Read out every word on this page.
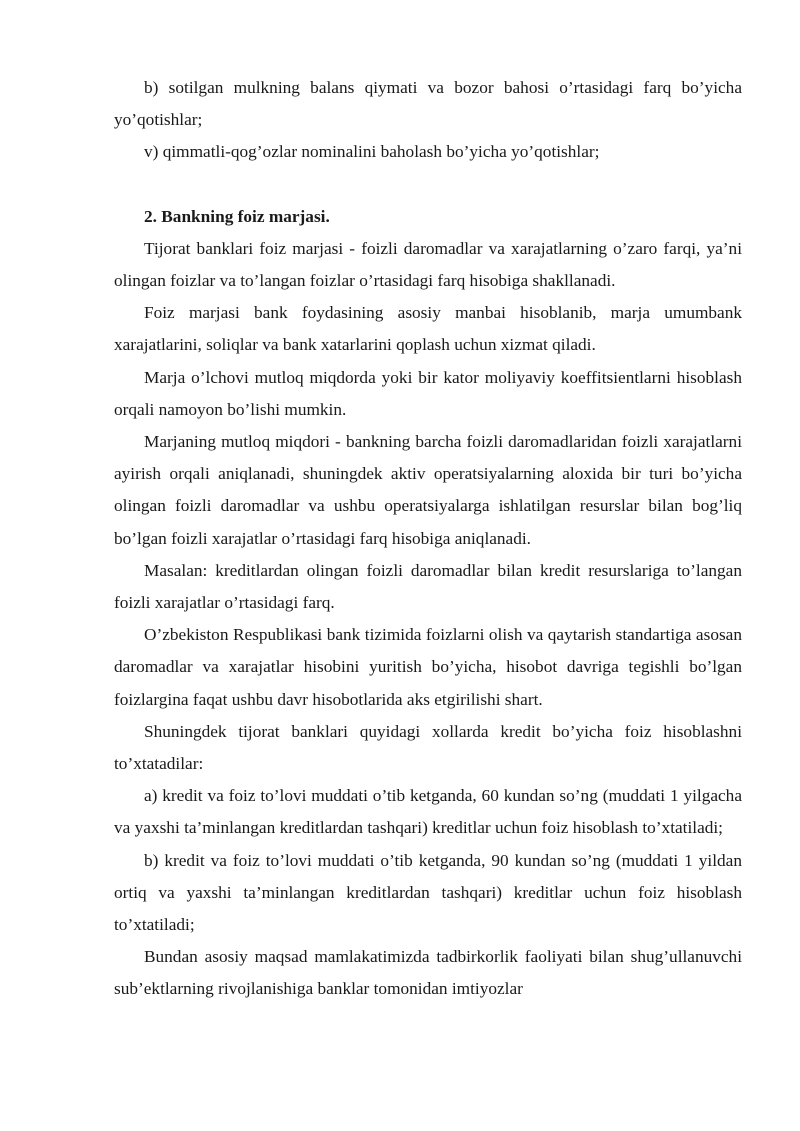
b) sotilgan mulkning balans qiymati va bozor bahosi o’rtasidagi farq bo’yicha yo’qotishlar;

v) qimmatli-qog’ozlar nominalini baholash bo’yicha yo’qotishlar;

2. Bankning foiz marjasi.

Tijorat banklari foiz marjasi - foizli daromadlar va xarajatlarning o’zaro farqi, ya’ni olingan foizlar va to’langan foizlar o’rtasidagi farq hisobiga shakllanadi.

Foiz marjasi bank foydasining asosiy manbai hisoblanib, marja umumbank xarajatlarini, soliqlar va bank xatarlarini qoplash uchun xizmat qiladi.

Marja o’lchovi mutloq miqdorda yoki bir kator moliyaviy koeffitsientlarni hisoblash orqali namoyon bo’lishi mumkin.

Marjaning mutloq miqdori - bankning barcha foizli daromadlaridan foizli xarajatlarni ayirish orqali aniqlanadi, shuningdek aktiv operatsiyalarning aloxida bir turi bo’yicha olingan foizli daromadlar va ushbu operatsiyalarga ishlatilgan resurslar bilan bog’liq bo’lgan foizli xarajatlar o’rtasidagi farq hisobiga aniqlanadi.

Masalan: kreditlardan olingan foizli daromadlar bilan kredit resurslariga to’langan foizli xarajatlar o’rtasidagi farq.

O’zbekiston Respublikasi bank tizimida foizlarni olish va qaytarish standartiga asosan daromadlar va xarajatlar hisobini yuritish bo’yicha, hisobot davriga tegishli bo’lgan foizlargina faqat ushbu davr hisobotlarida aks etgirilishi shart.

Shuningdek tijorat banklari quyidagi xollarda kredit bo’yicha foiz hisoblashni to’xtatadilar:

a) kredit va foiz to’lovi muddati o’tib ketganda, 60 kundan so’ng (muddati 1 yilgacha va yaxshi ta’minlangan kreditlardan tashqari) kreditlar uchun foiz hisoblash to’xtatiladi;

b) kredit va foiz to’lovi muddati o’tib ketganda, 90 kundan so’ng (muddati 1 yildan ortiq va yaxshi ta’minlangan kreditlardan tashqari) kreditlar uchun foiz hisoblash to’xtatiladi;

Bundan asosiy maqsad mamlakatimizda tadbirkorlik faoliyati bilan shug’ullanuvchi sub’ektlarning rivojlanishiga banklar tomonidan imtiyozlar
